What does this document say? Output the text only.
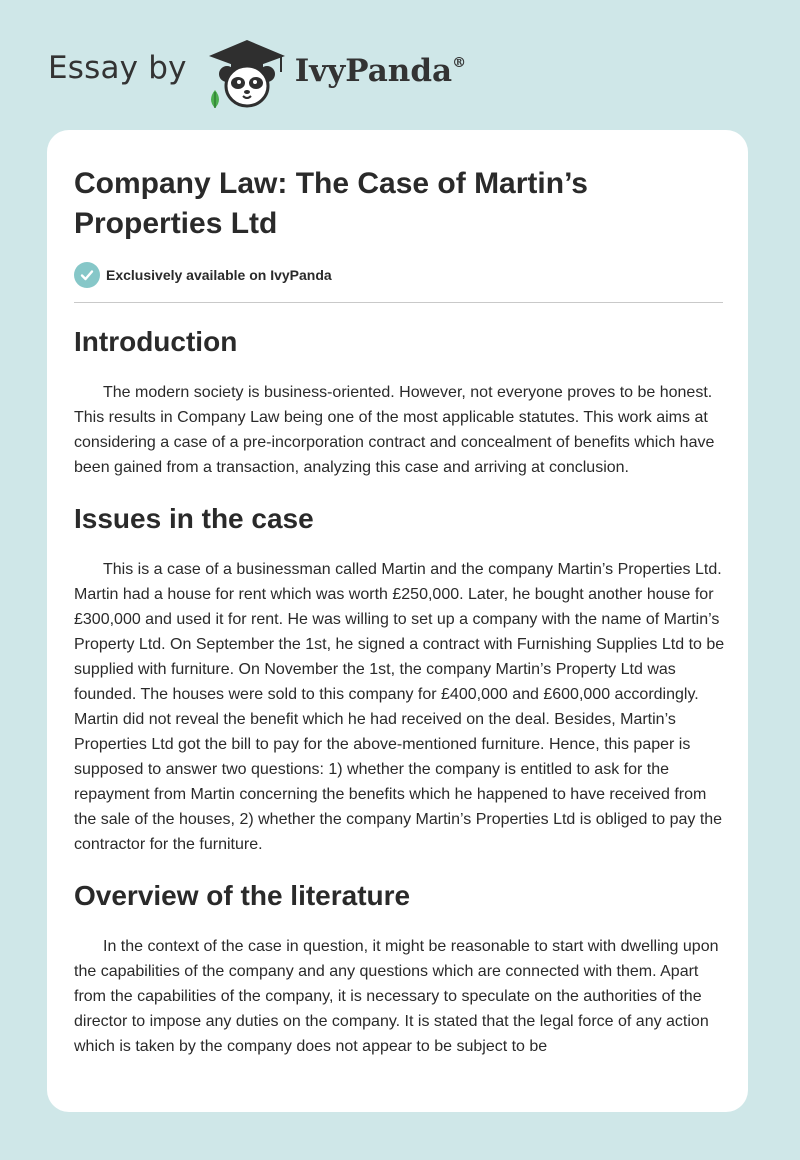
Essay by	IvyPanda®
Company Law: The Case of Martin’s Properties Ltd
Exclusively available on IvyPanda
Introduction

The modern society is business-oriented. However, not everyone proves to be honest. This results in Company Law being one of the most applicable statutes. This work aims at considering a case of a pre-incorporation contract and concealment of benefits which have been gained from a transaction, analyzing this case and arriving at conclusion.

Issues in the case

This is a case of a businessman called Martin and the company Martin’s Properties Ltd. Martin had a house for rent which was worth £250,000. Later, he bought another house for £300,000 and used it for rent. He was willing to set up a company with the name of Martin’s Property Ltd. On September the 1st, he signed a contract with Furnishing Supplies Ltd to be supplied with furniture. On November the 1st, the company Martin’s Property Ltd was founded. The houses were sold to this company for £400,000 and £600,000 accordingly. Martin did not reveal the benefit which he had received on the deal. Besides, Martin’s Properties Ltd got the bill to pay for the above-mentioned furniture. Hence, this paper is supposed to answer two questions: 1) whether the company is entitled to ask for the repayment from Martin concerning the benefits which he happened to have received from the sale of the houses, 2) whether the company Martin’s Properties Ltd is obliged to pay the contractor for the furniture.

Overview of the literature

In the context of the case in question, it might be reasonable to start with dwelling upon the capabilities of the company and any questions which are connected with them. Apart from the capabilities of the company, it is necessary to speculate on the authorities of the director to impose any duties on the company. It is stated that the legal force of any action which is taken by the company does not appear to be subject to be
